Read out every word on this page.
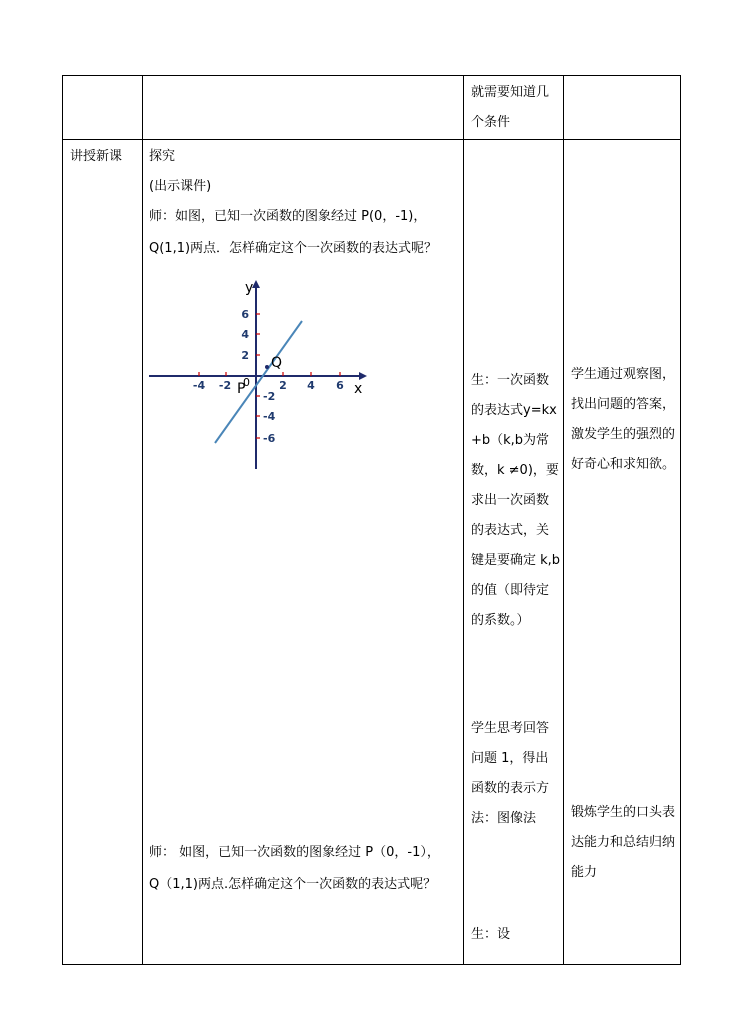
就需要知道几个条件
讲授新课 探究
(出示课件)
师：如图，已知一次函数的图象经过 P(0，-1)，
Q(1,1)两点．怎样确定这个一次函数的表达式呢？
-4 -2	2 4 6
6
4
2
-2
-4
-6
y
x
0
P
Q
师： 如图，已知一次函数的图象经过 P（0，-1），
Q（1,1)两点.怎样确定这个一次函数的表达式呢？
生：一次函数的表达式y=kx+b（k,b为常数，k ≠0)，要求出一次函数的表达式，关键是要确定 k,b 的值（即待定的系数。）
学生思考回答问题 1，得出函数的表示方法：图像法
生：设
学生通过观察图，找出问题的答案，激发学生的强烈的好奇心和求知欲。
锻炼学生的口头表达能力和总结归纳能力
